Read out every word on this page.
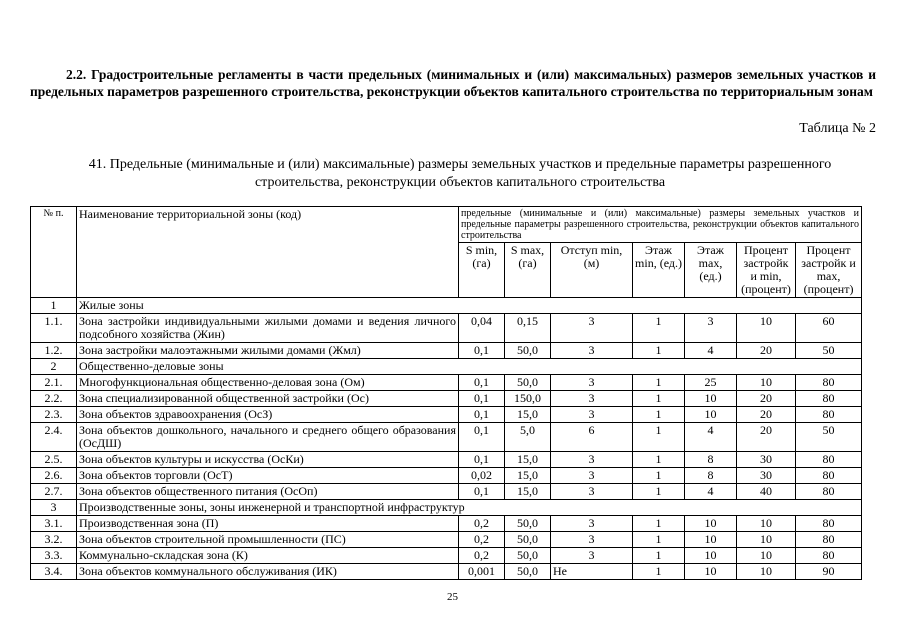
2.2. Градостроительные регламенты в части предельных (минимальных и (или) максимальных) размеров земельных участков и предельных параметров разрешенного строительства, реконструкции объектов капитального строительства по территориальным зонам
Таблица № 2
41. Предельные (минимальные и (или) максимальные) размеры земельных участков и предельные параметры разрешенного строительства, реконструкции объектов капитального строительства
№ п.	Наименование территориальной зоны (код)	предельные (минимальные и (или) максимальные) размеры земельных участков и предельные параметры разрешенного строительства, реконструкции объектов капитального строительства						
		S min, (га)	S max, (га)	Отступ min, (м)	Этаж min, (ед.)	Этаж max, (ед.)	Процент застройк и min, (процент)	Процент застройк и max, (процент)
1	Жилые зоны							
1.1.	Зона застройки индивидуальными жилыми домами и ведения личного подсобного хозяйства (Жин)	0,04	0,15	3	1	3	10	60
1.2.	Зона застройки малоэтажными жилыми домами (Жмл)	0,1	50,0	3	1	4	20	50
2	Общественно-деловые зоны							
2.1.	Многофункциональная общественно-деловая зона (Ом)	0,1	50,0	3	1	25	10	80
2.2.	Зона специализированной общественной застройки (Ос)	0,1	150,0	3	1	10	20	80
2.3.	Зона объектов здравоохранения (ОсЗ)	0,1	15,0	3	1	10	20	80
2.4.	Зона объектов дошкольного, начального и среднего общего образования (ОсДШ)	0,1	5,0	6	1	4	20	50
2.5.	Зона объектов культуры и искусства (ОсКи)	0,1	15,0	3	1	8	30	80
2.6.	Зона объектов торговли (ОсТ)	0,02	15,0	3	1	8	30	80
2.7.	Зона объектов общественного питания (ОсОп)	0,1	15,0	3	1	4	40	80
3	Производственные зоны, зоны инженерной и транспортной инфраструктур							
3.1.	Производственная зона (П)	0,2	50,0	3	1	10	10	80
3.2.	Зона объектов строительной промышленности (ПС)	0,2	50,0	3	1	10	10	80
3.3.	Коммунально-складская зона (К)	0,2	50,0	3	1	10	10	80
3.4.	Зона объектов коммунального обслуживания (ИК)	0,001	50,0	Не	1	10	10	90
25
